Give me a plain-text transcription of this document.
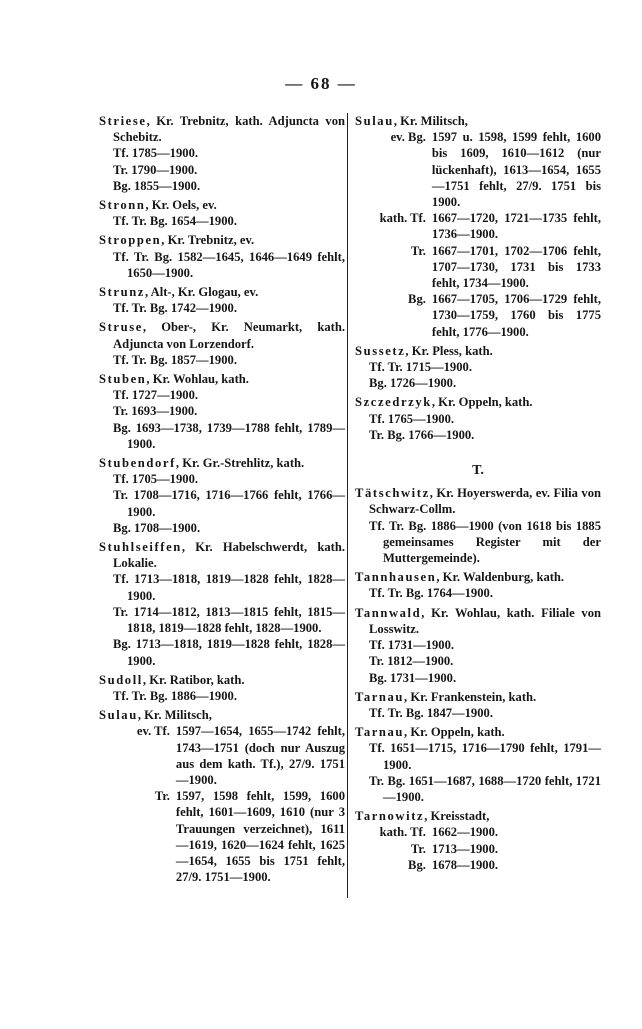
— 68 —
Striese, Kr. Trebnitz, kath. Adjuncta von Schebitz.
Tf. 1785—1900.
Tr. 1790—1900.
Bg. 1855—1900.
Stronn, Kr. Oels, ev.
Tf. Tr. Bg. 1654—1900.
Stroppen, Kr. Trebnitz, ev.
Tf. Tr. Bg. 1582—1645, 1646—1649 fehlt, 1650—1900.
Strunz, Alt-, Kr. Glogau, ev.
Tf. Tr. Bg. 1742—1900.
Struse, Ober-, Kr. Neumarkt, kath. Adjuncta von Lorzendorf.
Tf. Tr. Bg. 1857—1900.
Stuben, Kr. Wohlau, kath.
Tf. 1727—1900.
Tr. 1693—1900.
Bg. 1693—1738, 1739—1788 fehlt, 1789—1900.
Stubendorf, Kr. Gr.-Strehlitz, kath.
Tf. 1705—1900.
Tr. 1708—1716, 1716—1766 fehlt, 1766—1900.
Bg. 1708—1900.
Stuhlseiffen, Kr. Habelschwerdt, kath. Lokalie.
Tf. 1713—1818, 1819—1828 fehlt, 1828—1900.
Tr. 1714—1812, 1813—1815 fehlt, 1815—1818, 1819—1828 fehlt, 1828—1900.
Bg. 1713—1818, 1819—1828 fehlt, 1828—1900.
Sudoll, Kr. Ratibor, kath.
Tf. Tr. Bg. 1886—1900.
Sulau, Kr. Militsch,
ev. Tf. 1597—1654, 1655—1742 fehlt, 1743—1751 (doch nur Auszug aus dem kath. Tf.), 27/9. 1751—1900.
Tr. 1597, 1598 fehlt, 1599, 1600 fehlt, 1601—1609, 1610 (nur 3 Trauungen verzeichnet), 1611—1619, 1620—1624 fehlt, 1625—1654, 1655 bis 1751 fehlt, 27/9. 1751—1900.
Sulau, Kr. Militsch,
ev. Bg. 1597 u. 1598, 1599 fehlt, 1600 bis 1609, 1610—1612 (nur lückenhaft), 1613—1654, 1655—1751 fehlt, 27/9. 1751 bis 1900.
kath. Tf. 1667—1720, 1721—1735 fehlt, 1736—1900.
Tr. 1667—1701, 1702—1706 fehlt, 1707—1730, 1731 bis 1733 fehlt, 1734—1900.
Bg. 1667—1705, 1706—1729 fehlt, 1730—1759, 1760 bis 1775 fehlt, 1776—1900.
Sussetz, Kr. Pless, kath.
Tf. Tr. 1715—1900.
Bg. 1726—1900.
Szczedrzyk, Kr. Oppeln, kath.
Tf. 1765—1900.
Tr. Bg. 1766—1900.
T.
Tätschwitz, Kr. Hoyerswerda, ev. Filia von Schwarz-Collm.
Tf. Tr. Bg. 1886—1900 (von 1618 bis 1885 gemeinsames Register mit der Muttergemeinde).
Tannhausen, Kr. Waldenburg, kath.
Tf. Tr. Bg. 1764—1900.
Tannwald, Kr. Wohlau, kath. Filiale von Losswitz.
Tf. 1731—1900.
Tr. 1812—1900.
Bg. 1731—1900.
Tarnau, Kr. Frankenstein, kath.
Tf. Tr. Bg. 1847—1900.
Tarnau, Kr. Oppeln, kath.
Tf. 1651—1715, 1716—1790 fehlt, 1791—1900.
Tr. Bg. 1651—1687, 1688—1720 fehlt, 1721—1900.
Tarnowitz, Kreisstadt,
kath. Tf. 1662—1900.
Tr. 1713—1900.
Bg. 1678—1900.
